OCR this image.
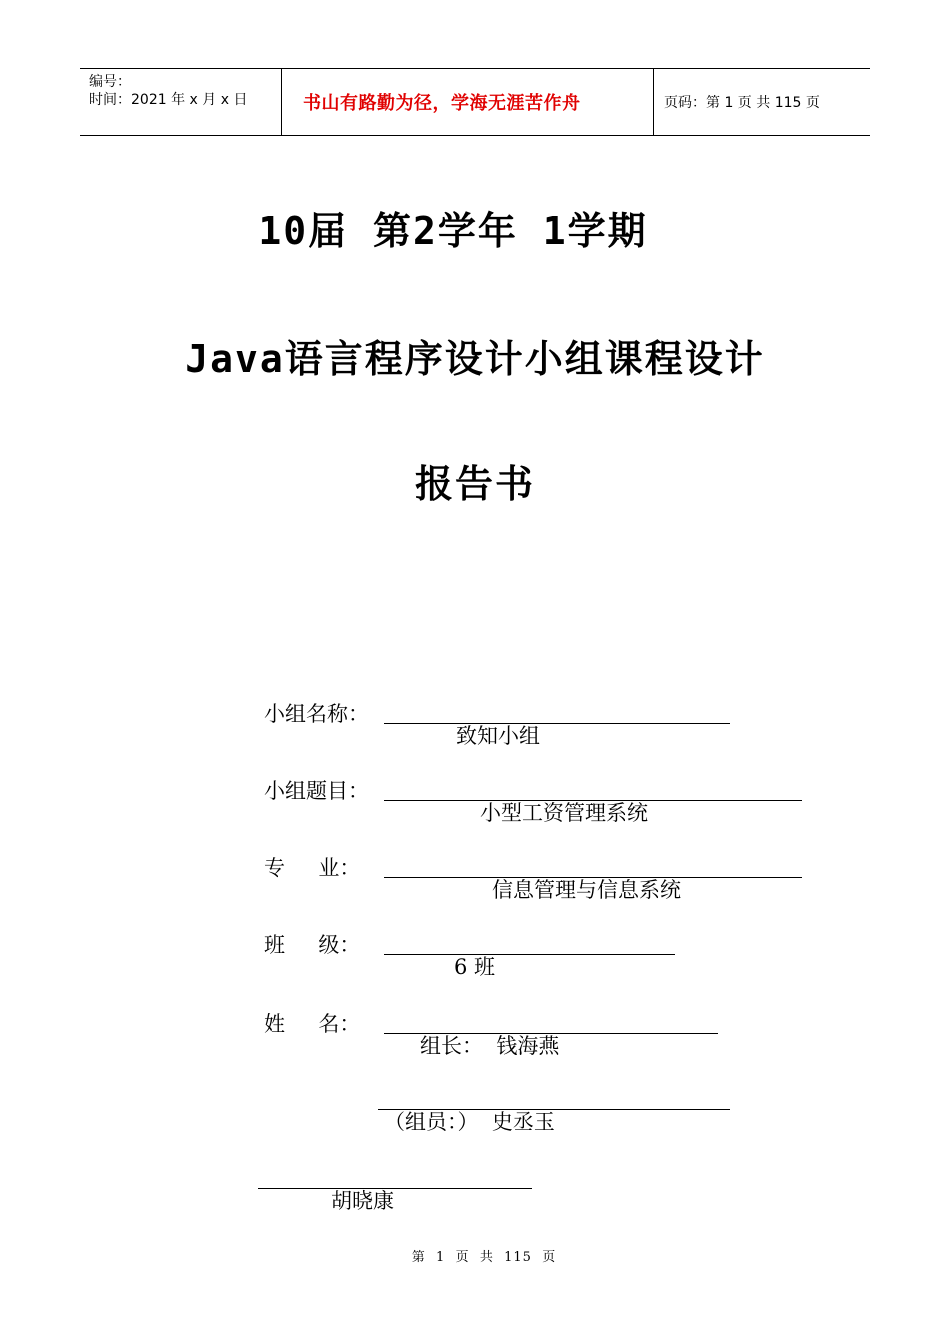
编号：
时间：2021 年 x 月 x 日	书山有路勤为径，学海无涯苦作舟	页码：第 1 页 共 115 页
10届 第2学年 1学期
Java语言程序设计小组课程设计
报告书
小组名称：

致知小组

小组题目：

小型工资管理系统

专     业：

信息管理与信息系统

班     级：

6 班

姓     名：

组长：  钱海燕

（组员：）  史丞玉

胡晓康

第  1  页  共  115  页
